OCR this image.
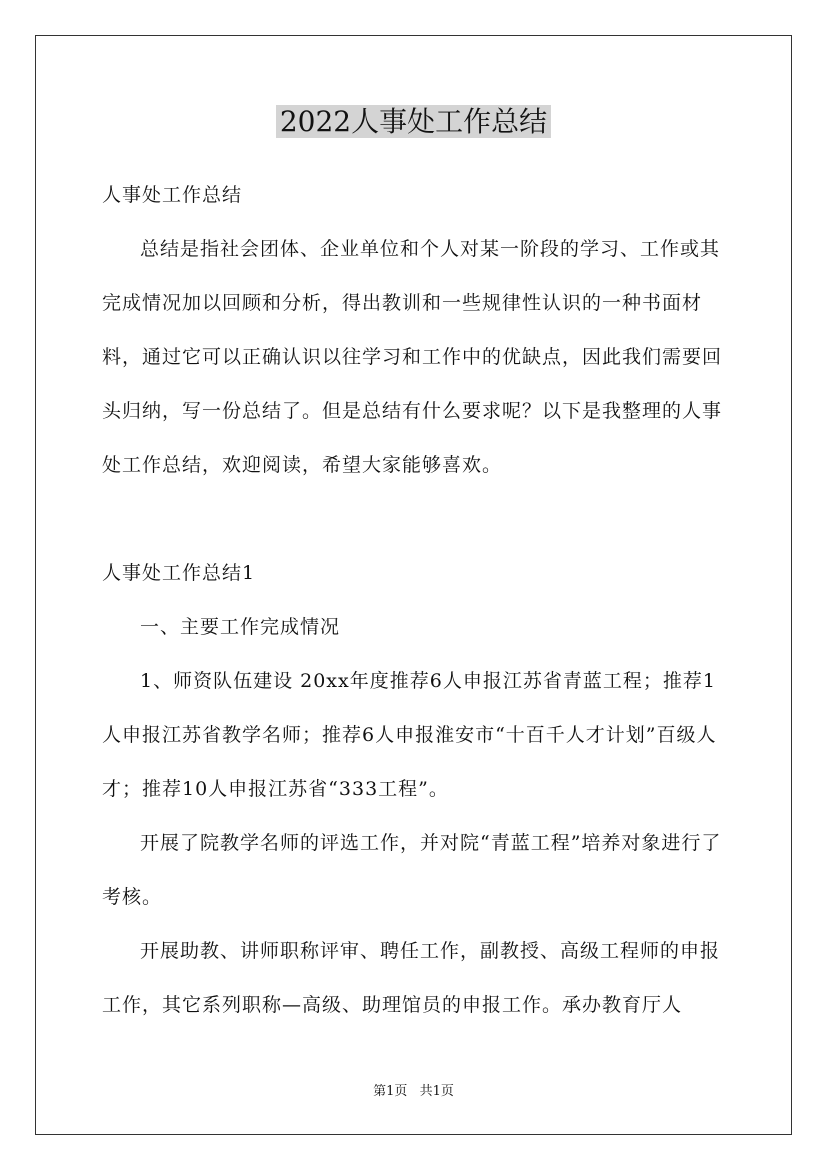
2022人事处工作总结

人事处工作总结

总结是指社会团体、企业单位和个人对某一阶段的学习、工作或其完成情况加以回顾和分析，得出教训和一些规律性认识的一种书面材料，通过它可以正确认识以往学习和工作中的优缺点，因此我们需要回头归纳，写一份总结了。但是总结有什么要求呢？以下是我整理的人事处工作总结，欢迎阅读，希望大家能够喜欢。

人事处工作总结1

一、主要工作完成情况

1、师资队伍建设 20xx年度推荐6人申报江苏省青蓝工程；推荐1人申报江苏省教学名师；推荐6人申报淮安市“十百千人才计划”百级人才；推荐10人申报江苏省“333工程”。

开展了院教学名师的评选工作，并对院“青蓝工程”培养对象进行了考核。

开展助教、讲师职称评审、聘任工作，副教授、高级工程师的申报工作，其它系列职称—高级、助理馆员的申报工作。承办教育厅人

第1页 共1页
